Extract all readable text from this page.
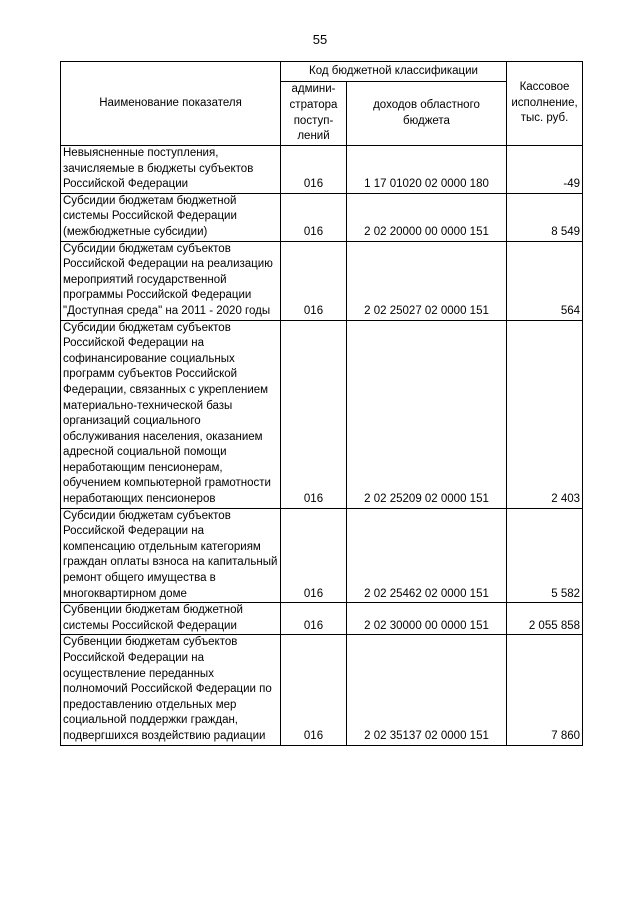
55
Наименование показателя	Код бюджетной классификации		Кассовое исполнение, тыс. руб.
	админи-стратора поступ-лений	доходов областного бюджета	
Невыясненные поступления, зачисляемые в бюджеты субъектов Российской Федерации	016	1 17 01020 02 0000 180	-49
Субсидии бюджетам бюджетной системы Российской Федерации (межбюджетные субсидии)	016	2 02 20000 00 0000 151	8 549
Субсидии бюджетам субъектов Российской Федерации на реализацию мероприятий государственной программы Российской Федерации "Доступная среда" на 2011 - 2020 годы	016	2 02 25027 02 0000 151	564
Субсидии бюджетам субъектов Российской Федерации на софинансирование социальных программ субъектов Российской Федерации, связанных с укреплением материально-технической базы организаций социального обслуживания населения, оказанием адресной социальной помощи неработающим пенсионерам, обучением компьютерной грамотности неработающих пенсионеров	016	2 02 25209 02 0000 151	2 403
Субсидии бюджетам субъектов Российской Федерации на компенсацию отдельным категориям граждан оплаты взноса на капитальный ремонт общего имущества в многоквартирном доме	016	2 02 25462 02 0000 151	5 582
Субвенции бюджетам бюджетной системы Российской Федерации	016	2 02 30000 00 0000 151	2 055 858
Субвенции бюджетам субъектов Российской Федерации на осуществление переданных полномочий Российской Федерации по предоставлению отдельных мер социальной поддержки граждан, подвергшихся воздействию радиации	016	2 02 35137 02 0000 151	7 860
